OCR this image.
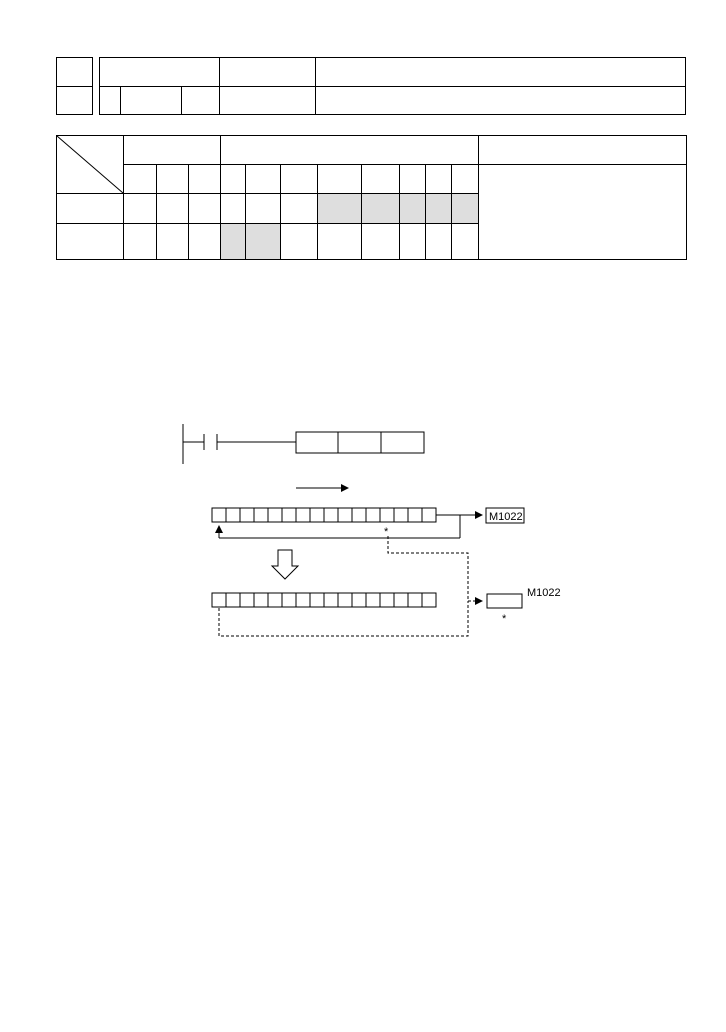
M1022
*
M1022
*
